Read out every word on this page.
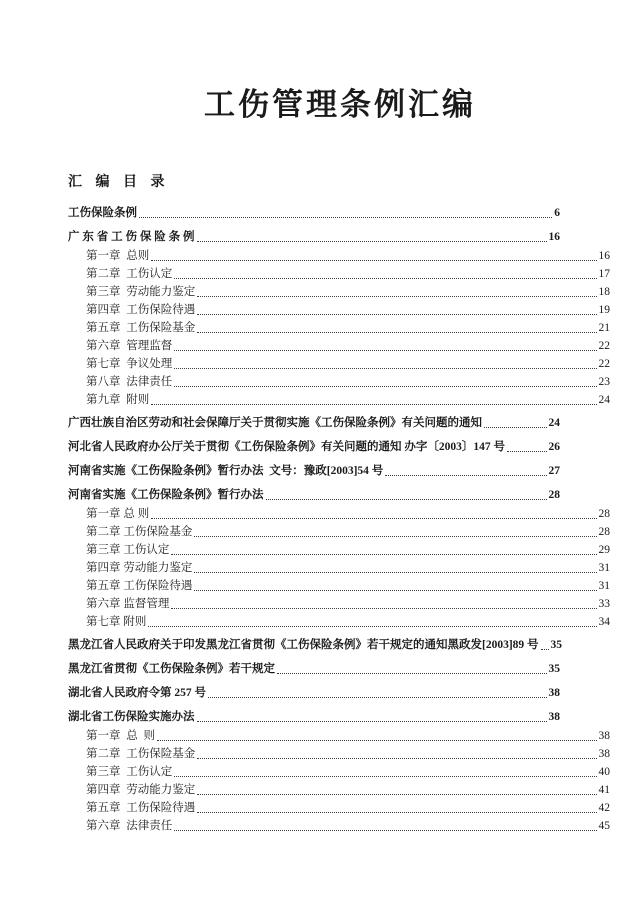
工伤管理条例汇编
汇 编 目 录
工伤保险条例	6
广 东 省 工 伤 保 险 条 例	16
第一章  总则	16
第二章  工伤认定	17
第三章  劳动能力鉴定	18
第四章  工伤保险待遇	19
第五章  工伤保险基金	21
第六章  管理监督	22
第七章  争议处理	22
第八章  法律责任	23
第九章  附则	24
广西壮族自治区劳动和社会保障厅关于贯彻实施《工伤保险条例》有关问题的通知	24
河北省人民政府办公厅关于贯彻《工伤保险条例》有关问题的通知 办字〔2003〕147 号	26
河南省实施《工伤保险条例》暂行办法  文号：豫政[2003]54 号	27
河南省实施《工伤保险条例》暂行办法	28
第一章 总 则	28
第二章 工伤保险基金	28
第三章 工伤认定	29
第四章 劳动能力鉴定	31
第五章 工伤保险待遇	31
第六章 监督管理	33
第七章 附则	34
黑龙江省人民政府关于印发黑龙江省贯彻《工伤保险条例》若干规定的通知黑政发[2003]89 号 35
黑龙江省贯彻《工伤保险条例》若干规定	35
湖北省人民政府令第 257 号	38
湖北省工伤保险实施办法	38
第一章  总  则	38
第二章  工伤保险基金	38
第三章  工伤认定	40
第四章  劳动能力鉴定	41
第五章  工伤保险待遇	42
第六章  法律责任	45
